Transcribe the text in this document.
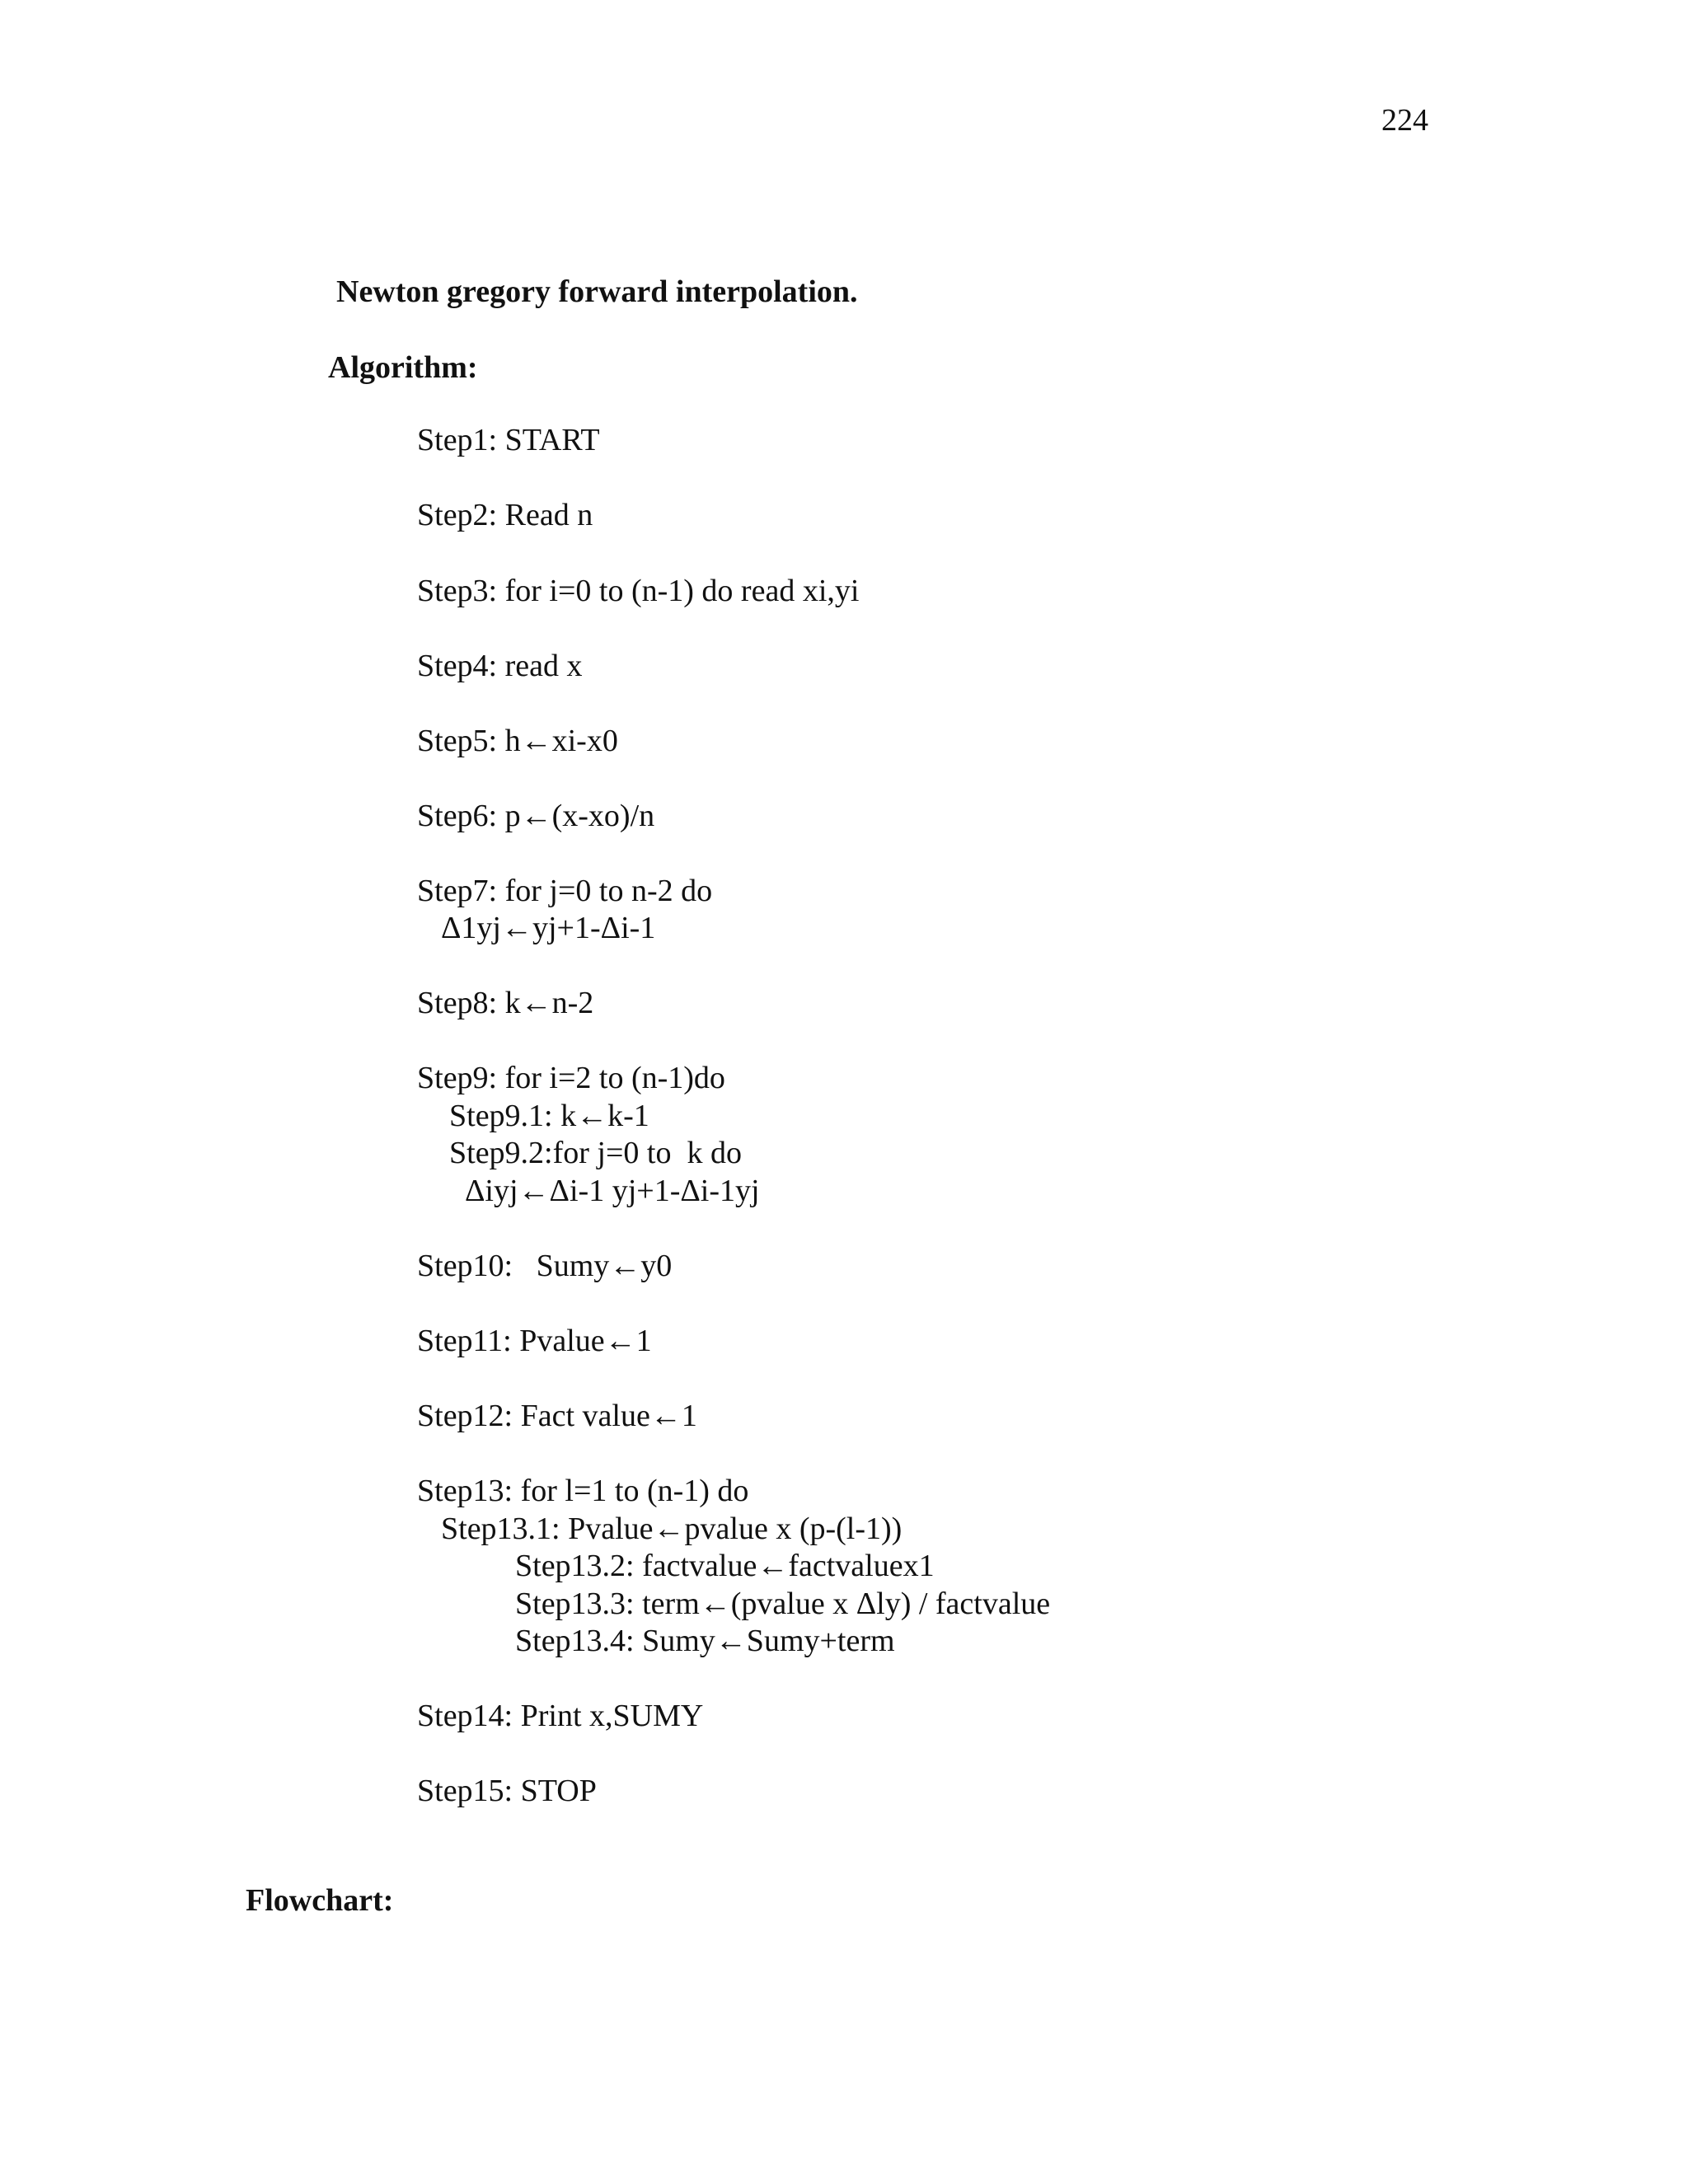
224
Newton gregory forward interpolation.
Algorithm:
Step1: START
Step2: Read n
Step3: for i=0 to (n-1) do read xi,yi
Step4: read x
Step5: h←xi-x0
Step6: p←(x-xo)/n
Step7: for j=0 to n-2 do
Δ1yj←yj+1-Δi-1
Step8: k←n-2
Step9: for i=2 to (n-1)do
Step9.1: k←k-1
Step9.2:for j=0 to  k do
Δiyj←Δi-1 yj+1-Δi-1yj
Step10:   Sumy←y0
Step11: Pvalue←1
Step12: Fact value←1
Step13: for l=1 to (n-1) do
Step13.1: Pvalue←pvalue x (p-(l-1))
Step13.2: factvalue←factvaluex1
Step13.3: term←(pvalue x Δly) / factvalue
Step13.4: Sumy←Sumy+term
Step14: Print x,SUMY
Step15: STOP
Flowchart:
